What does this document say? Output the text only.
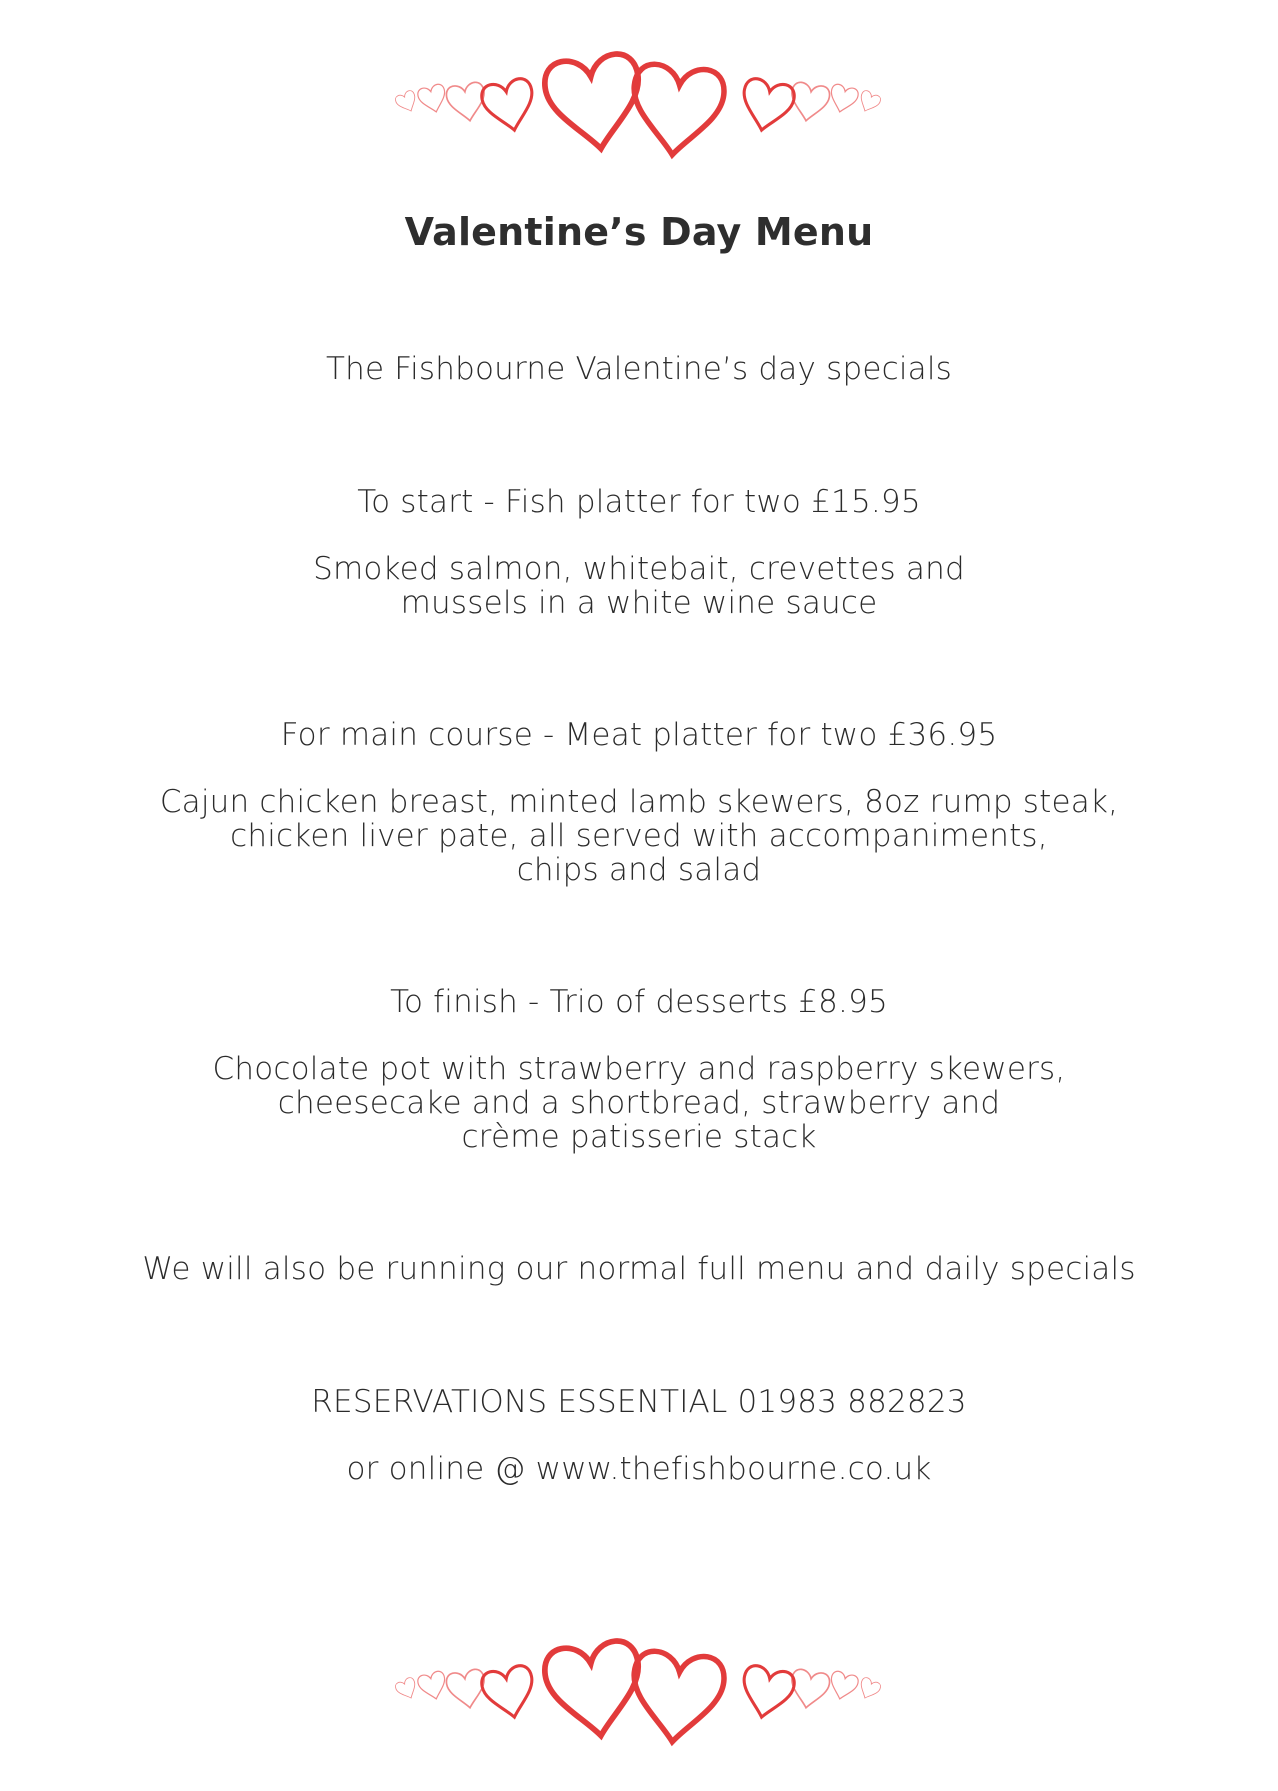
Valentine’s Day Menu
The Fishbourne Valentine’s day specials
To start - Fish platter for two £15.95
Smoked salmon, whitebait, crevettes and
mussels in a white wine sauce
For main course - Meat platter for two £36.95
Cajun chicken breast, minted lamb skewers, 8oz rump steak,
chicken liver pate, all served with accompaniments,
chips and salad
To finish - Trio of desserts £8.95
Chocolate pot with strawberry and raspberry skewers,
cheesecake and a shortbread, strawberry and
crème patisserie stack
We will also be running our normal full menu and daily specials
RESERVATIONS ESSENTIAL 01983 882823
or online @ www.thefishbourne.co.uk
